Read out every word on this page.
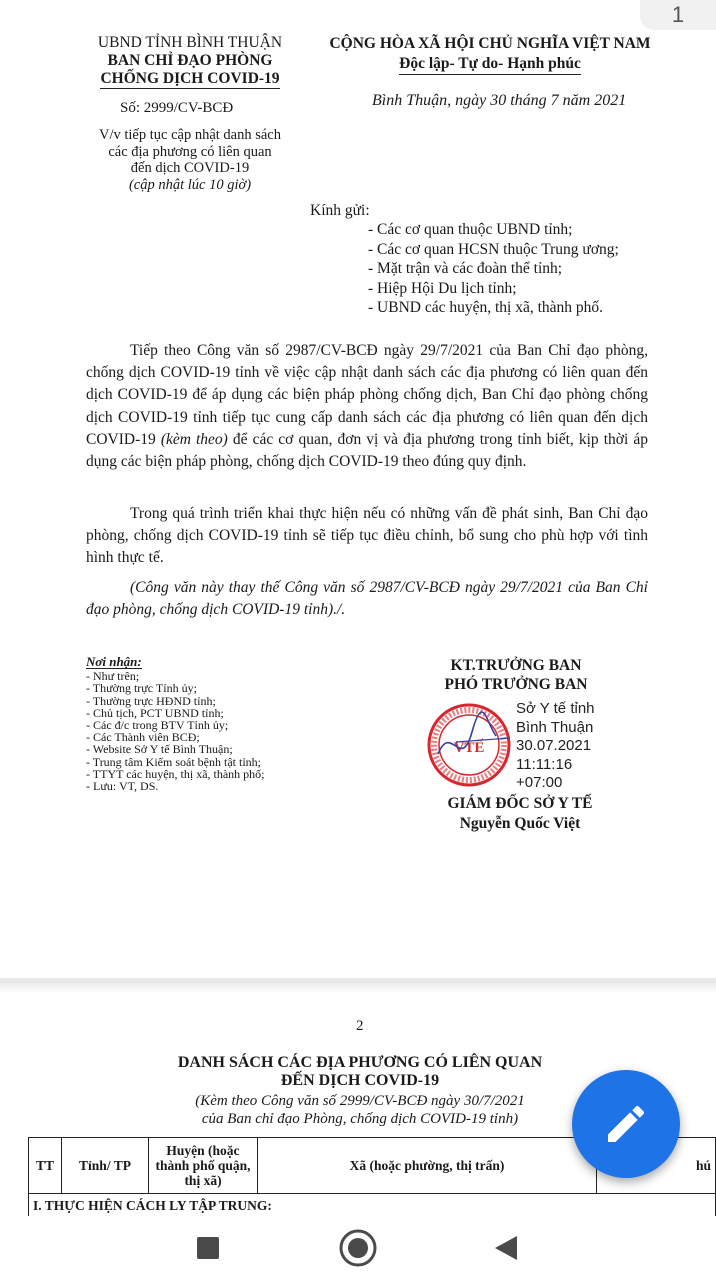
1
UBND TỈNH BÌNH THUẬN
BAN CHỈ ĐẠO PHÒNG
CHỐNG DỊCH COVID-19
CỘNG HÒA XÃ HỘI CHỦ NGHĨA VIỆT NAM
Độc lập- Tự do- Hạnh phúc
Số: 2999/CV-BCĐ	Bình Thuận, ngày 30 tháng 7 năm 2021
V/v tiếp tục cập nhật danh sách
các địa phương có liên quan
đến dịch COVID-19
(cập nhật lúc 10 giờ)
Kính gửi:
- Các cơ quan thuộc UBND tỉnh;
- Các cơ quan HCSN thuộc Trung ương;
- Mặt trận và các đoàn thể tỉnh;
- Hiệp Hội Du lịch tỉnh;
- UBND các huyện, thị xã, thành phố.
Tiếp theo Công văn số 2987/CV-BCĐ ngày 29/7/2021 của Ban Chỉ đạo phòng, chống dịch COVID-19 tỉnh về việc cập nhật danh sách các địa phương có liên quan đến dịch COVID-19 để áp dụng các biện pháp phòng chống dịch, Ban Chỉ đạo phòng chống dịch COVID-19 tỉnh tiếp tục cung cấp danh sách các địa phương có liên quan đến dịch COVID-19 (kèm theo) để các cơ quan, đơn vị và địa phương trong tỉnh biết, kịp thời áp dụng các biện pháp phòng, chống dịch COVID-19 theo đúng quy định.
Trong quá trình triển khai thực hiện nếu có những vấn đề phát sinh, Ban Chỉ đạo phòng, chống dịch COVID-19 tỉnh sẽ tiếp tục điều chỉnh, bổ sung cho phù hợp với tình hình thực tế.
(Công văn này thay thế Công văn số 2987/CV-BCĐ ngày 29/7/2021 của Ban Chỉ đạo phòng, chống dịch COVID-19 tỉnh)./.
Nơi nhận:
- Như trên;
- Thường trực Tỉnh ủy;
- Thường trực HĐND tỉnh;
- Chủ tịch, PCT UBND tỉnh;
- Các đ/c trong BTV Tỉnh ủy;
- Các Thành viên BCĐ;
- Website Sở Y tế Bình Thuận;
- Trung tâm Kiểm soát bệnh tật tỉnh;
- TTYT các huyện, thị xã, thành phố;
- Lưu: VT, DS.
KT.TRƯỞNG BAN
PHÓ TRƯỞNG BAN
VTẾ
Sở Y tế tỉnh
Bình Thuận
30.07.2021
11:11:16
+07:00
GIÁM ĐỐC SỞ Y TẾ
Nguyễn Quốc Việt
2
DANH SÁCH CÁC ĐỊA PHƯƠNG CÓ LIÊN QUAN
ĐẾN DỊCH COVID-19
(Kèm theo Công văn số 2999/CV-BCĐ ngày 30/7/2021
của Ban chỉ đạo Phòng, chống dịch COVID-19 tỉnh)
TT	Tỉnh/ TP	Huyện (hoặc thành phố quận, thị xã)	Xã (hoặc phường, thị trấn)	hú
I. THỰC HIỆN CÁCH LY TẬP TRUNG:
